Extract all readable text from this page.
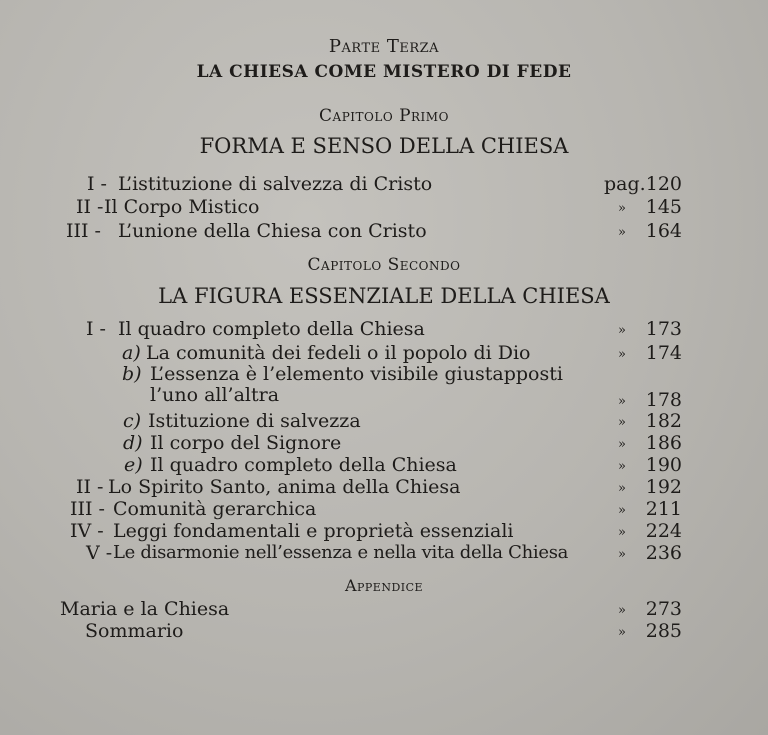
Parte Terza
LA CHIESA COME MISTERO DI FEDE
Capitolo Primo
FORMA E SENSO DELLA CHIESA
I - L’istituzione di salvezza di Cristo	pag. 120
II - Il Corpo Mistico	» 145
III - L’unione della Chiesa con Cristo	» 164
Capitolo Secondo
LA FIGURA ESSENZIALE DELLA CHIESA
I - Il quadro completo della Chiesa	» 173
a) La comunità dei fedeli o il popolo di Dio	» 174
b) L’essenza è l’elemento visibile giustapposti
l’uno all’altra	» 178
c) Istituzione di salvezza	» 182
d) Il corpo del Signore	» 186
e) Il quadro completo della Chiesa	» 190
II - Lo Spirito Santo, anima della Chiesa	» 192
III - Comunità gerarchica	» 211
IV - Leggi fondamentali e proprietà essenziali	» 224
V - Le disarmonie nell’essenza e nella vita della Chiesa	» 236
Appendice
Maria e la Chiesa	» 273
Sommario	» 285
